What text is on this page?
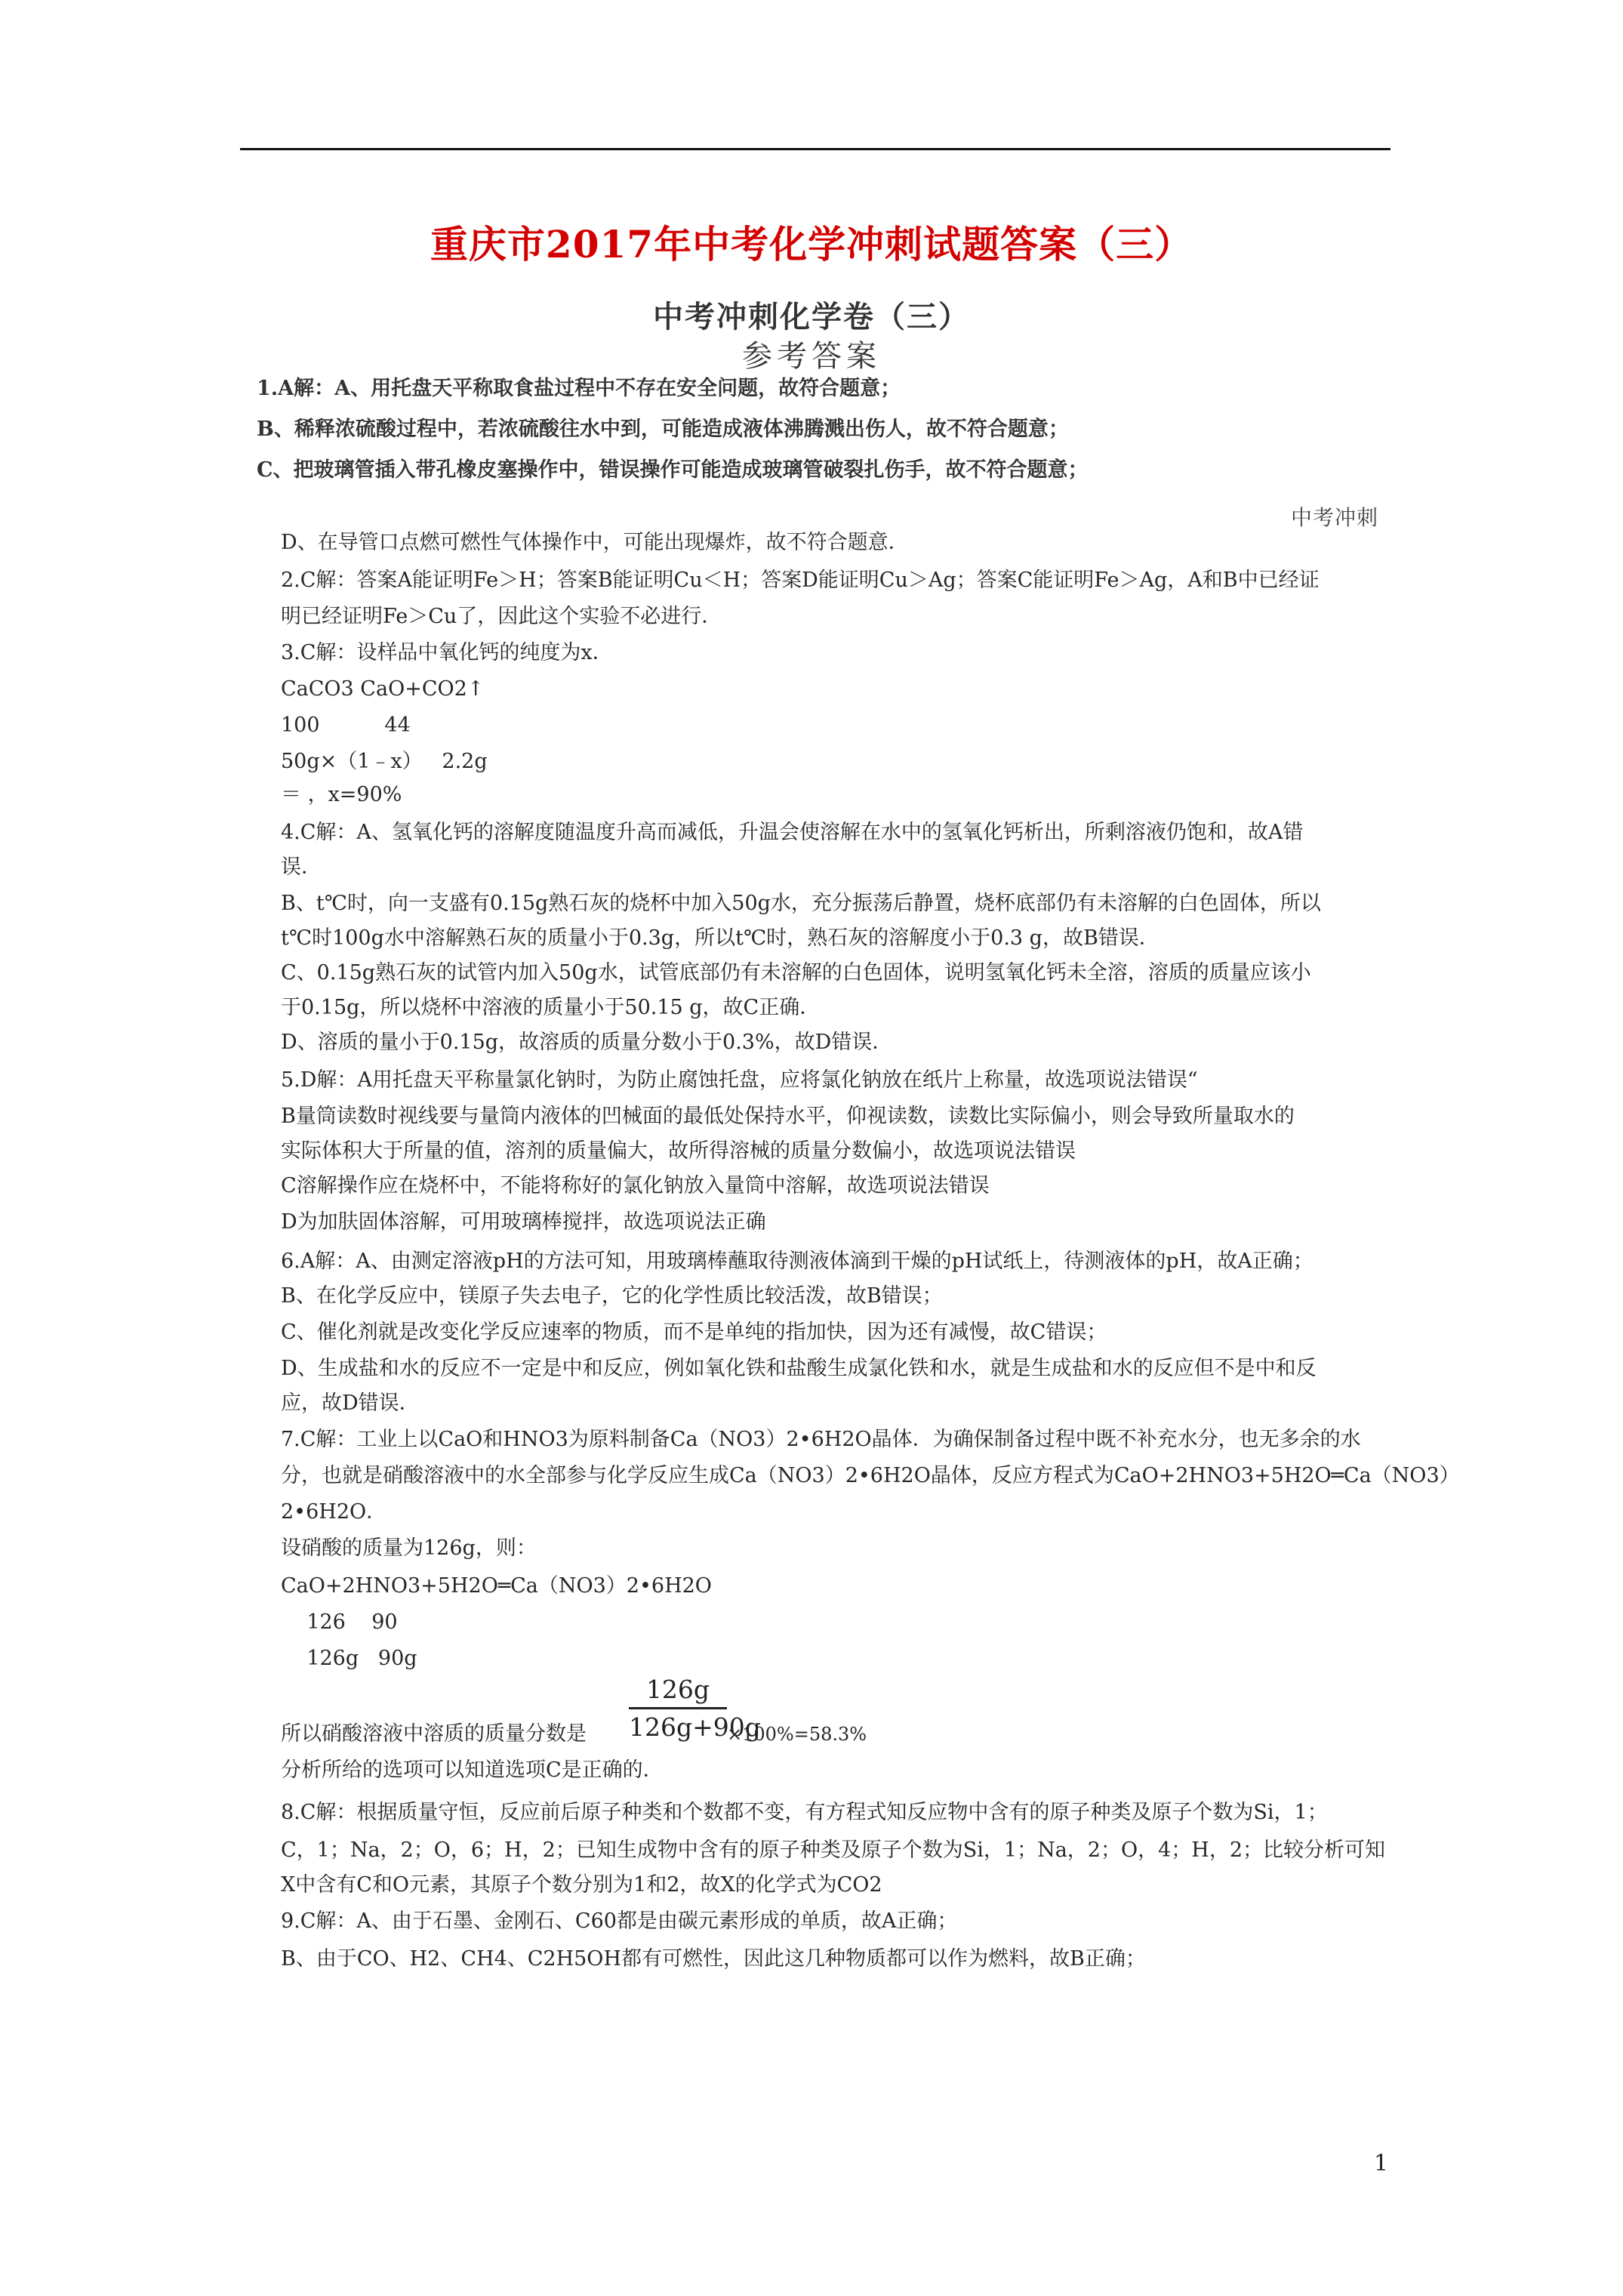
重庆市2017年中考化学冲刺试题答案（三）
中考冲刺化学卷（三）
参考答案
中考冲刺
1.A解：A、用托盘天平称取食盐过程中不存在安全问题，故符合题意；
B、稀释浓硫酸过程中，若浓硫酸往水中到，可能造成液体沸腾溅出伤人，故不符合题意；
C、把玻璃管插入带孔橡皮塞操作中，错误操作可能造成玻璃管破裂扎伤手，故不符合题意；
D、在导管口点燃可燃性气体操作中，可能出现爆炸，故不符合题意．
2.C解：答案A能证明Fe＞H；答案B能证明Cu＜H；答案D能证明Cu＞Ag；答案C能证明Fe＞Ag，A和B中已经证
明已经证明Fe＞Cu了，因此这个实验不必进行．
3.C解：设样品中氧化钙的纯度为x．
CaCO3 CaO+CO2↑
100          44
50g×（1﹣x）   2.2g
＝ ，x=90%
4.C解：A、氢氧化钙的溶解度随温度升高而减低，升温会使溶解在水中的氢氧化钙析出，所剩溶液仍饱和，故A错
误．
B、t℃时，向一支盛有0.15g熟石灰的烧杯中加入50g水，充分振荡后静置，烧杯底部仍有未溶解的白色固体，所以
t℃时100g水中溶解熟石灰的质量小于0.3g，所以t℃时，熟石灰的溶解度小于0.3 g，故B错误．
C、0.15g熟石灰的试管内加入50g水，试管底部仍有未溶解的白色固体，说明氢氧化钙未全溶，溶质的质量应该小
于0.15g，所以烧杯中溶液的质量小于50.15 g，故C正确．
D、溶质的量小于0.15g，故溶质的质量分数小于0.3%，故D错误．
5.D解：A用托盘天平称量氯化钠时，为防止腐蚀托盘，应将氯化钠放在纸片上称量，故选项说法错误“
B量筒读数时视线要与量筒内液体的凹械面的最低处保持水平，仰视读数，读数比实际偏小，则会导致所量取水的
实际体积大于所量的值，溶剂的质量偏大，故所得溶械的质量分数偏小，故选项说法错误
C溶解操作应在烧杯中，不能将称好的氯化钠放入量筒中溶解，故选项说法错误
D为加肤固体溶解，可用玻璃棒搅拌，故选项说法正确
6.A解：A、由测定溶液pH的方法可知，用玻璃棒蘸取待测液体滴到干燥的pH试纸上，待测液体的pH，故A正确；
B、在化学反应中，镁原子失去电子，它的化学性质比较活泼，故B错误；
C、催化剂就是改变化学反应速率的物质，而不是单纯的指加快，因为还有减慢，故C错误；
D、生成盐和水的反应不一定是中和反应，例如氧化铁和盐酸生成氯化铁和水，就是生成盐和水的反应但不是中和反
应，故D错误．
7.C解：工业上以CaO和HNO3为原料制备Ca（NO3）2•6H2O晶体．为确保制备过程中既不补充水分，也无多余的水
分，也就是硝酸溶液中的水全部参与化学反应生成Ca（NO3）2•6H2O晶体，反应方程式为CaO+2HNO3+5H2O═Ca（NO3）
2•6H2O．
设硝酸的质量为126g，则：
CaO+2HNO3+5H2O═Ca（NO3）2•6H2O
126    90
126g   90g
所以硝酸溶液中溶质的质量分数是 $\frac{126g}{126g+90g} \times 100\%=58.3\%$
分析所给的选项可以知道选项C是正确的．
8.C解：根据质量守恒，反应前后原子种类和个数都不变，有方程式知反应物中含有的原子种类及原子个数为Si，1；
C，1；Na，2；O，6；H，2；已知生成物中含有的原子种类及原子个数为Si，1；Na，2；O，4；H，2；比较分析可知
X中含有C和O元素，其原子个数分别为1和2，故X的化学式为CO2
9.C解：A、由于石墨、金刚石、C60都是由碳元素形成的单质，故A正确；
B、由于CO、H2、CH4、C2H5OH都有可燃性，因此这几种物质都可以作为燃料，故B正确；
1
